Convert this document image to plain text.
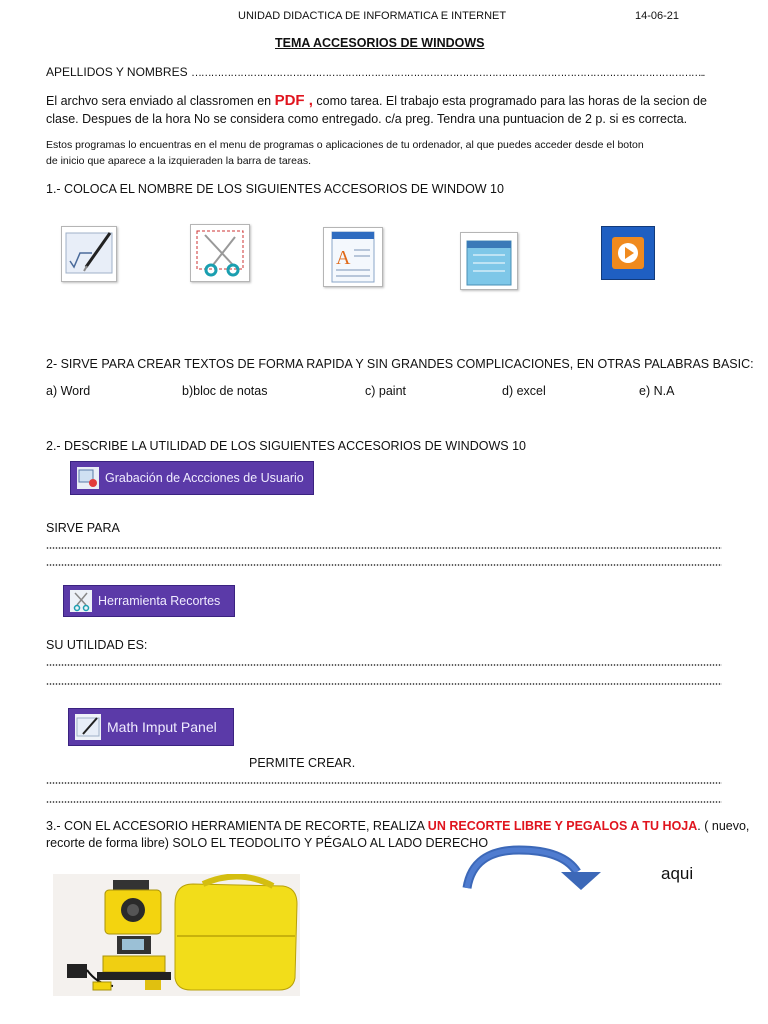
UNIDAD DIDACTICA DE INFORMATICA E INTERNET	14-06-21
TEMA ACCESORIOS DE WINDOWS
APELLIDOS Y NOMBRES …………………………………………………………………………………………………………………………………………..
El archvo sera enviado al classromen en PDF , como tarea. El trabajo esta programado para las horas de la secion de
clase. Despues de la hora No se considera como entregado. c/a preg. Tendra una puntuacion de 2 p. si es correcta.
Estos programas lo encuentras en el menu de programas o aplicaciones de tu ordenador, al que puedes acceder desde el boton
de inicio que aparece a la izquieraden la barra de tareas.
1.- COLOCA EL NOMBRE DE LOS SIGUIENTES ACCESORIOS DE WINDOW 10
A
2- SIRVE PARA CREAR TEXTOS DE FORMA RAPIDA Y SIN GRANDES COMPLICACIONES, EN OTRAS PALABRAS BASIC:
a) Word	b)bloc de notas	c) paint	d) excel	e) N.A
2.- DESCRIBE LA UTILIDAD DE LOS SIGUIENTES ACCESORIOS DE WINDOWS 10
Grabación de Accciones de Usuario
SIRVE PARA
Herramienta Recortes
SU UTILIDAD ES:
Math Imput Panel
PERMITE CREAR.
3.- CON EL ACCESORIO HERRAMIENTA DE RECORTE, REALIZA UN RECORTE LIBRE Y PEGALOS A TU HOJA. ( nuevo,
recorte de forma libre) SOLO EL TEODOLITO Y PÉGALO AL LADO DERECHO
aqui
